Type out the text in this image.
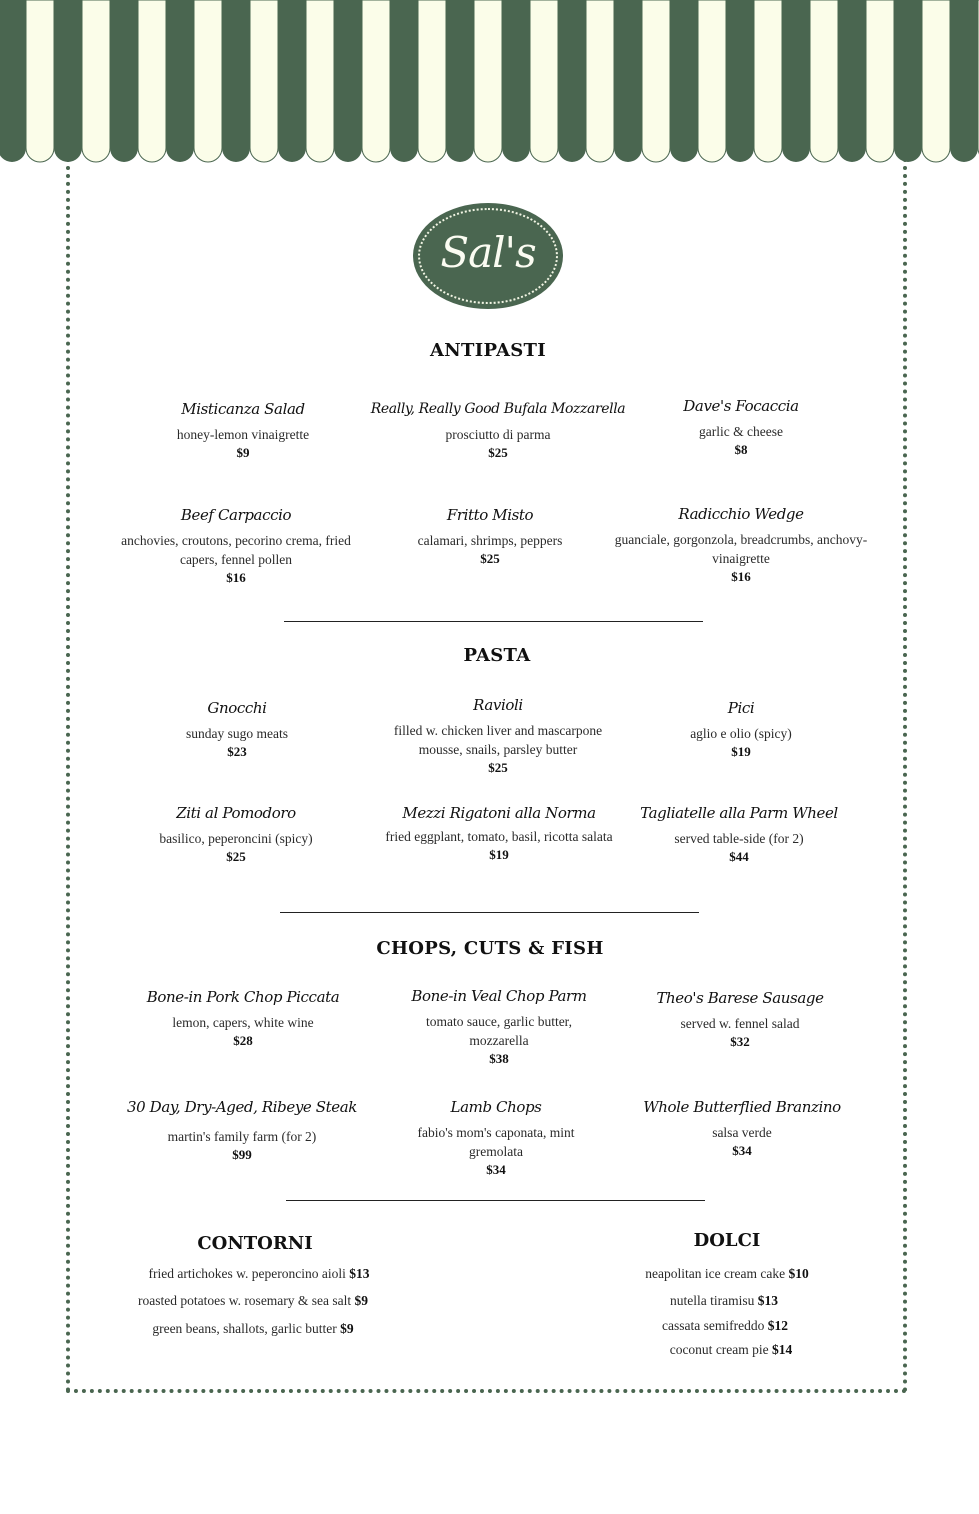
Sal's
ANTIPASTI
Misticanza Salad
honey-lemon vinaigrette
$9
Really, Really Good Bufala Mozzarella
prosciutto di parma
$25
Dave's Focaccia
garlic & cheese
$8
Beef Carpaccio
anchovies, croutons, pecorino crema, fried capers, fennel pollen
$16
Fritto Misto
calamari, shrimps, peppers
$25
Radicchio Wedge
guanciale, gorgonzola, breadcrumbs, anchovy-vinaigrette
$16
PASTA
Gnocchi
sunday sugo meats
$23
Ravioli
filled w. chicken liver and mascarpone mousse, snails, parsley butter
$25
Pici
aglio e olio (spicy)
$19
Ziti al Pomodoro
basilico, peperoncini (spicy)
$25
Mezzi Rigatoni alla Norma
fried eggplant, tomato, basil, ricotta salata
$19
Tagliatelle alla Parm Wheel
served table-side (for 2)
$44
CHOPS, CUTS & FISH
Bone-in Pork Chop Piccata
lemon, capers, white wine
$28
Bone-in Veal Chop Parm
tomato sauce, garlic butter, mozzarella
$38
Theo's Barese Sausage
served w. fennel salad
$32
30 Day, Dry-Aged, Ribeye Steak
martin's family farm (for 2)
$99
Lamb Chops
fabio's mom's caponata, mint gremolata
$34
Whole Butterflied Branzino
salsa verde
$34
CONTORNI
fried artichokes w. peperoncino aioli $13
roasted potatoes w. rosemary & sea salt $9
green beans, shallots, garlic butter $9
DOLCI
neapolitan ice cream cake $10
nutella tiramisu $13
cassata semifreddo $12
coconut cream pie $14
